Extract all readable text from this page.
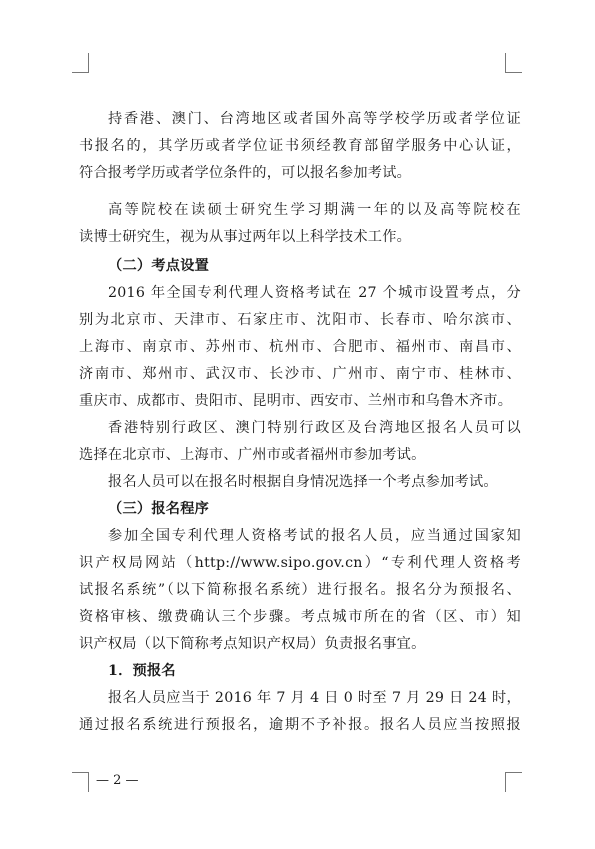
持香港、澳门、台湾地区或者国外高等学校学历或者学位证
书报名的，其学历或者学位证书须经教育部留学服务中心认证，
符合报考学历或者学位条件的，可以报名参加考试。
高等院校在读硕士研究生学习期满一年的以及高等院校在
读博士研究生，视为从事过两年以上科学技术工作。
（二）考点设置
2016 年全国专利代理人资格考试在 27 个城市设置考点，分
别为北京市、天津市、石家庄市、沈阳市、长春市、哈尔滨市、
上海市、南京市、苏州市、杭州市、合肥市、福州市、南昌市、
济南市、郑州市、武汉市、长沙市、广州市、南宁市、桂林市、
重庆市、成都市、贵阳市、昆明市、西安市、兰州市和乌鲁木齐市。
香港特别行政区、澳门特别行政区及台湾地区报名人员可以
选择在北京市、上海市、广州市或者福州市参加考试。
报名人员可以在报名时根据自身情况选择一个考点参加考试。
（三）报名程序
参加全国专利代理人资格考试的报名人员，应当通过国家知
识产权局网站（http://www.sipo.gov.cn）“专利代理人资格考
试报名系统”（以下简称报名系统）进行报名。报名分为预报名、
资格审核、缴费确认三个步骤。考点城市所在的省（区、市）知
识产权局（以下简称考点知识产权局）负责报名事宜。
1．预报名
报名人员应当于 2016 年 7 月 4 日 0 时至 7 月 29 日 24 时，
通过报名系统进行预报名，逾期不予补报。报名人员应当按照报
— 2 —
